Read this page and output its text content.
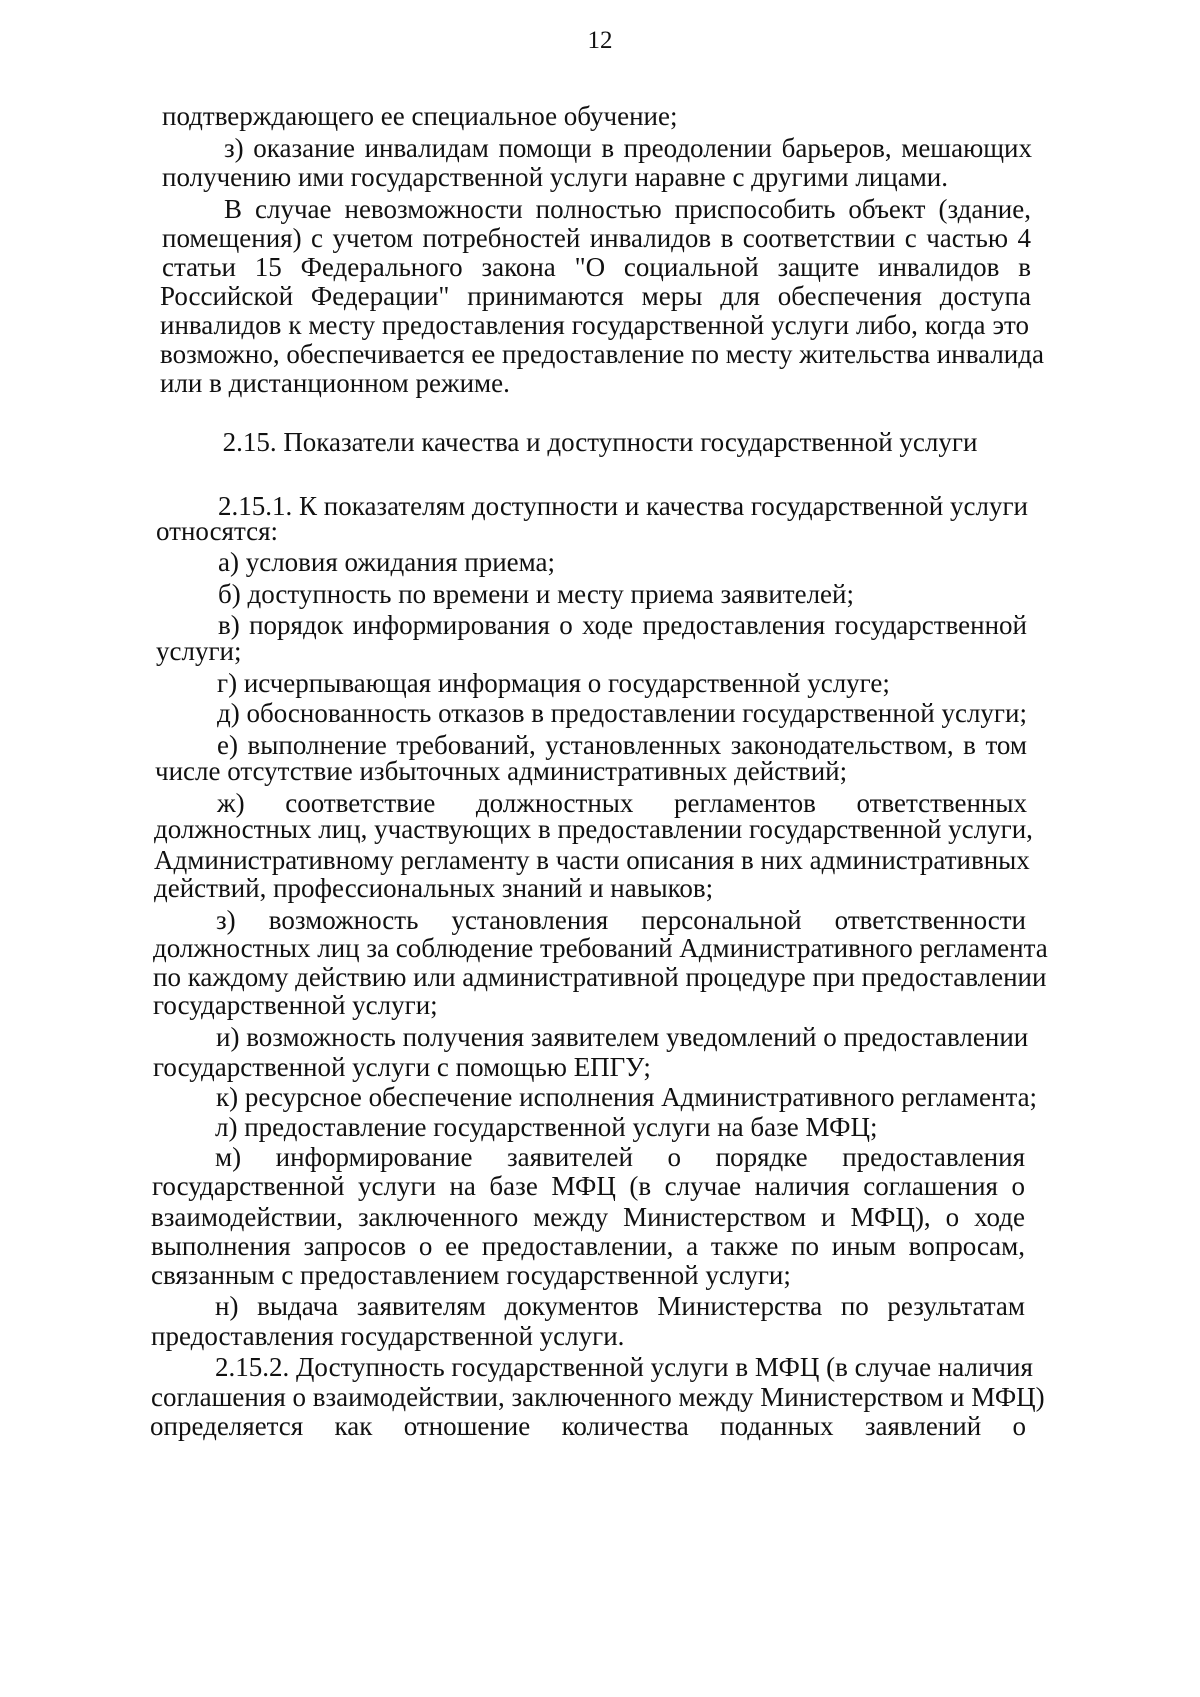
12
подтверждающего ее специальное обучение;
з) оказание инвалидам помощи в преодолении барьеров, мешающих
получению ими государственной услуги наравне с другими лицами.
В случае невозможности полностью приспособить объект (здание,
помещения) с учетом потребностей инвалидов в соответствии с частью 4
статьи 15 Федерального закона "О социальной защите инвалидов в
Российской Федерации" принимаются меры для обеспечения доступа
инвалидов к месту предоставления государственной услуги либо, когда это
возможно, обеспечивается ее предоставление по месту жительства инвалида
или в дистанционном режиме.
2.15. Показатели качества и доступности государственной услуги
2.15.1. К показателям доступности и качества государственной услуги
относятся:
а) условия ожидания приема;
б) доступность по времени и месту приема заявителей;
в) порядок информирования о ходе предоставления государственной
услуги;
г) исчерпывающая информация о государственной услуге;
д) обоснованность отказов в предоставлении государственной услуги;
е) выполнение требований, установленных законодательством, в том
числе отсутствие избыточных административных действий;
ж) соответствие должностных регламентов ответственных
должностных лиц, участвующих в предоставлении государственной услуги,
Административному регламенту в части описания в них административных
действий, профессиональных знаний и навыков;
з) возможность установления персональной ответственности
должностных лиц за соблюдение требований Административного регламента
по каждому действию или административной процедуре при предоставлении
государственной услуги;
и) возможность получения заявителем уведомлений о предоставлении
государственной услуги с помощью ЕПГУ;
к) ресурсное обеспечение исполнения Административного регламента;
л) предоставление государственной услуги на базе МФЦ;
м) информирование заявителей о порядке предоставления
государственной услуги на базе МФЦ (в случае наличия соглашения о
взаимодействии, заключенного между Министерством и МФЦ), о ходе
выполнения запросов о ее предоставлении, а также по иным вопросам,
связанным с предоставлением государственной услуги;
н) выдача заявителям документов Министерства по результатам
предоставления государственной услуги.
2.15.2. Доступность государственной услуги в МФЦ (в случае наличия
соглашения о взаимодействии, заключенного между Министерством и МФЦ)
определяется как отношение количества поданных заявлений о
